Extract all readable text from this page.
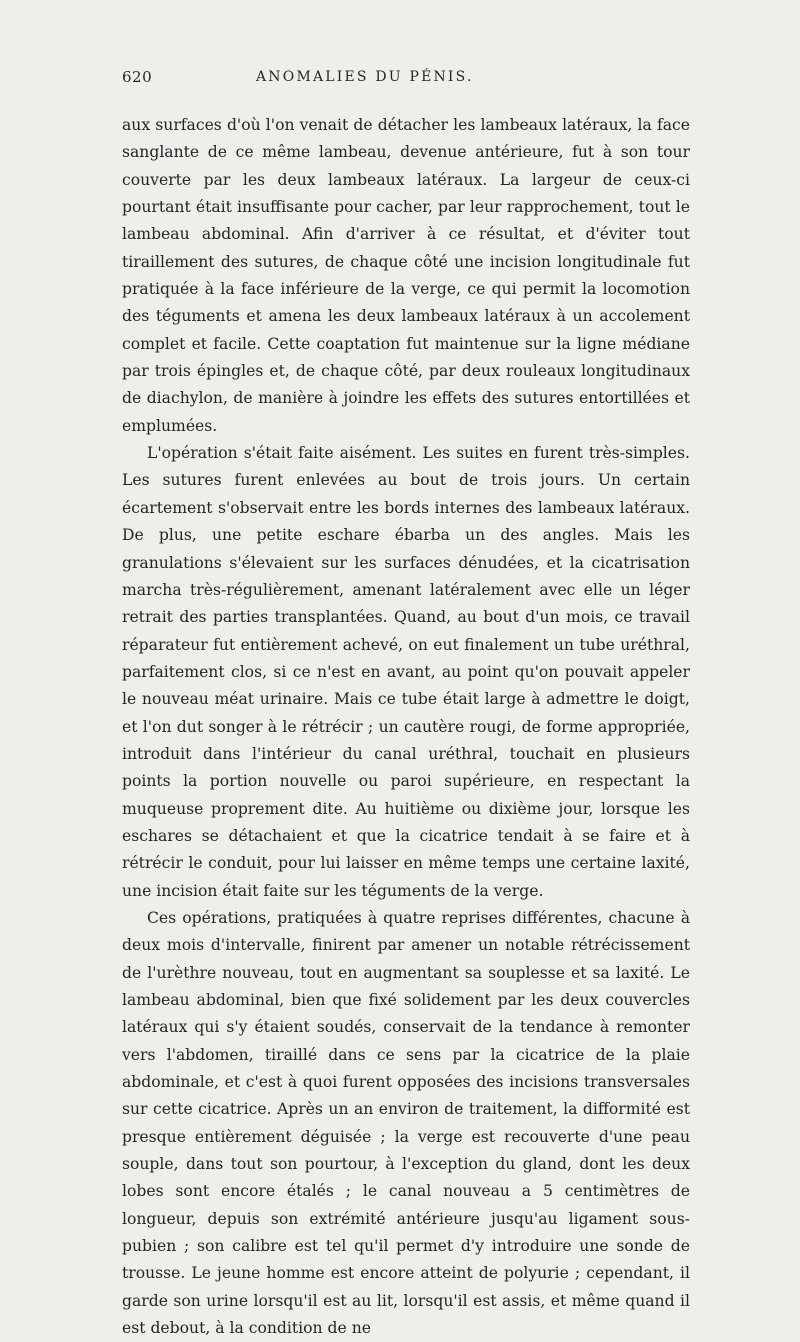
620	ANOMALIES DU PÉNIS.

aux surfaces d'où l'on venait de détacher les lambeaux latéraux, la face sanglante de ce même lambeau, devenue antérieure, fut à son tour couverte par les deux lambeaux latéraux. La largeur de ceux-ci pourtant était insuffisante pour cacher, par leur rapprochement, tout le lambeau abdominal. Afin d'arriver à ce résultat, et d'éviter tout tiraillement des sutures, de chaque côté une incision longitudinale fut pratiquée à la face inférieure de la verge, ce qui permit la locomotion des téguments et amena les deux lambeaux latéraux à un accolement complet et facile. Cette coaptation fut maintenue sur la ligne médiane par trois épingles et, de chaque côté, par deux rouleaux longitudinaux de diachylon, de manière à joindre les effets des sutures entortillées et emplumées.

L'opération s'était faite aisément. Les suites en furent très-simples. Les sutures furent enlevées au bout de trois jours. Un certain écartement s'observait entre les bords internes des lambeaux latéraux. De plus, une petite eschare ébarba un des angles. Mais les granulations s'élevaient sur les surfaces dénudées, et la cicatrisation marcha très-régulièrement, amenant latéralement avec elle un léger retrait des parties transplantées. Quand, au bout d'un mois, ce travail réparateur fut entièrement achevé, on eut finalement un tube uréthral, parfaitement clos, si ce n'est en avant, au point qu'on pouvait appeler le nouveau méat urinaire. Mais ce tube était large à admettre le doigt, et l'on dut songer à le rétrécir ; un cautère rougi, de forme appropriée, introduit dans l'intérieur du canal uréthral, touchait en plusieurs points la portion nouvelle ou paroi supérieure, en respectant la muqueuse proprement dite. Au huitième ou dixième jour, lorsque les eschares se détachaient et que la cicatrice tendait à se faire et à rétrécir le conduit, pour lui laisser en même temps une certaine laxité, une incision était faite sur les téguments de la verge.

Ces opérations, pratiquées à quatre reprises différentes, chacune à deux mois d'intervalle, finirent par amener un notable rétrécissement de l'urèthre nouveau, tout en augmentant sa souplesse et sa laxité. Le lambeau abdominal, bien que fixé solidement par les deux couvercles latéraux qui s'y étaient soudés, conservait de la tendance à remonter vers l'abdomen, tiraillé dans ce sens par la cicatrice de la plaie abdominale, et c'est à quoi furent opposées des incisions transversales sur cette cicatrice. Après un an environ de traitement, la difformité est presque entièrement déguisée ; la verge est recouverte d'une peau souple, dans tout son pourtour, à l'exception du gland, dont les deux lobes sont encore étalés ; le canal nouveau a 5 centimètres de longueur, depuis son extrémité antérieure jusqu'au ligament sous-pubien ; son calibre est tel qu'il permet d'y introduire une sonde de trousse. Le jeune homme est encore atteint de polyurie ; cependant, il garde son urine lorsqu'il est au lit, lorsqu'il est assis, et même quand il est debout, à la condition de ne
